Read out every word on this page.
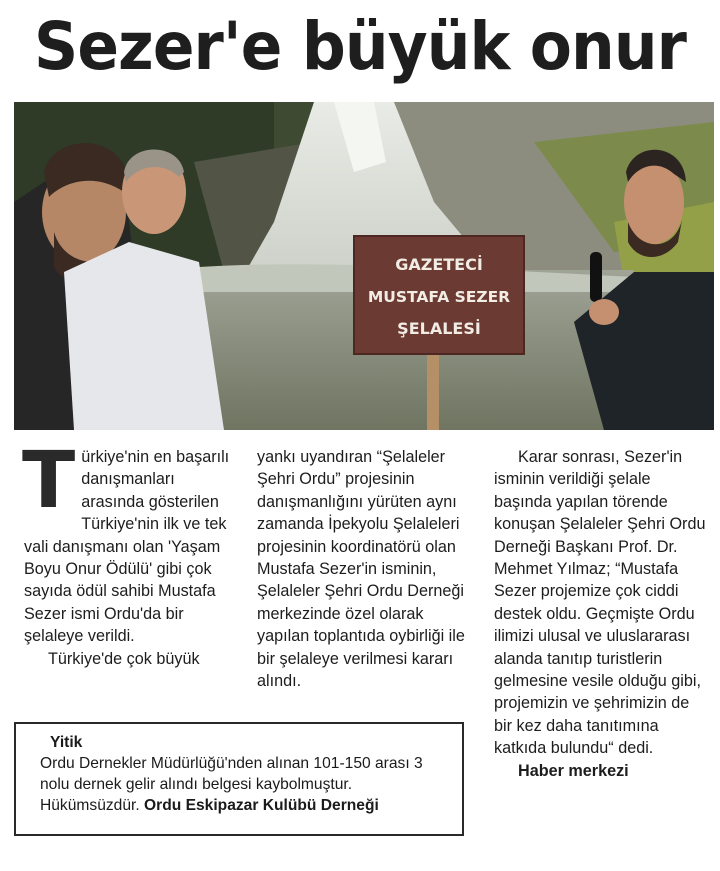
Sezer'e büyük onur
GAZETECİ
MUSTAFA SEZER
ŞELALESİ

Türkiye'nin en başarılı danışmanları arasında gösterilen Türkiye'nin ilk ve tek vali danışmanı olan 'Yaşam Boyu Onur Ödülü' gibi çok sayıda ödül sahibi Mustafa Sezer ismi Ordu'da bir şelaleye verildi.

Türkiye'de çok büyük

yankı uyandıran “Şelaleler Şehri Ordu” projesinin danışmanlığını yürüten aynı zamanda İpekyolu Şelaleleri projesinin koordinatörü olan Mustafa Sezer'in isminin, Şelaleler Şehri Ordu Derneği merkezinde özel olarak yapılan toplantıda oybirliği ile bir şelaleye verilmesi kararı alındı.

Karar sonrası, Sezer'in isminin verildiği şelale başında yapılan törende konuşan Şelaleler Şehri Ordu Derneği Başkanı Prof. Dr. Mehmet Yılmaz; “Mustafa Sezer projemize çok ciddi destek oldu. Geçmişte Ordu ilimizi ulusal ve uluslararası alanda tanıtıp turistlerin gelmesine vesile olduğu gibi, projemizin ve şehrimizin de bir kez daha tanıtımına katkıda bulundu“ dedi.

Haber merkezi

Yitik
Ordu Dernekler Müdürlüğü'nden alınan 101-150 arası 3 nolu dernek gelir alındı belgesi kaybolmuştur. Hükümsüzdür. Ordu Eskipazar Kulübü Derneği
